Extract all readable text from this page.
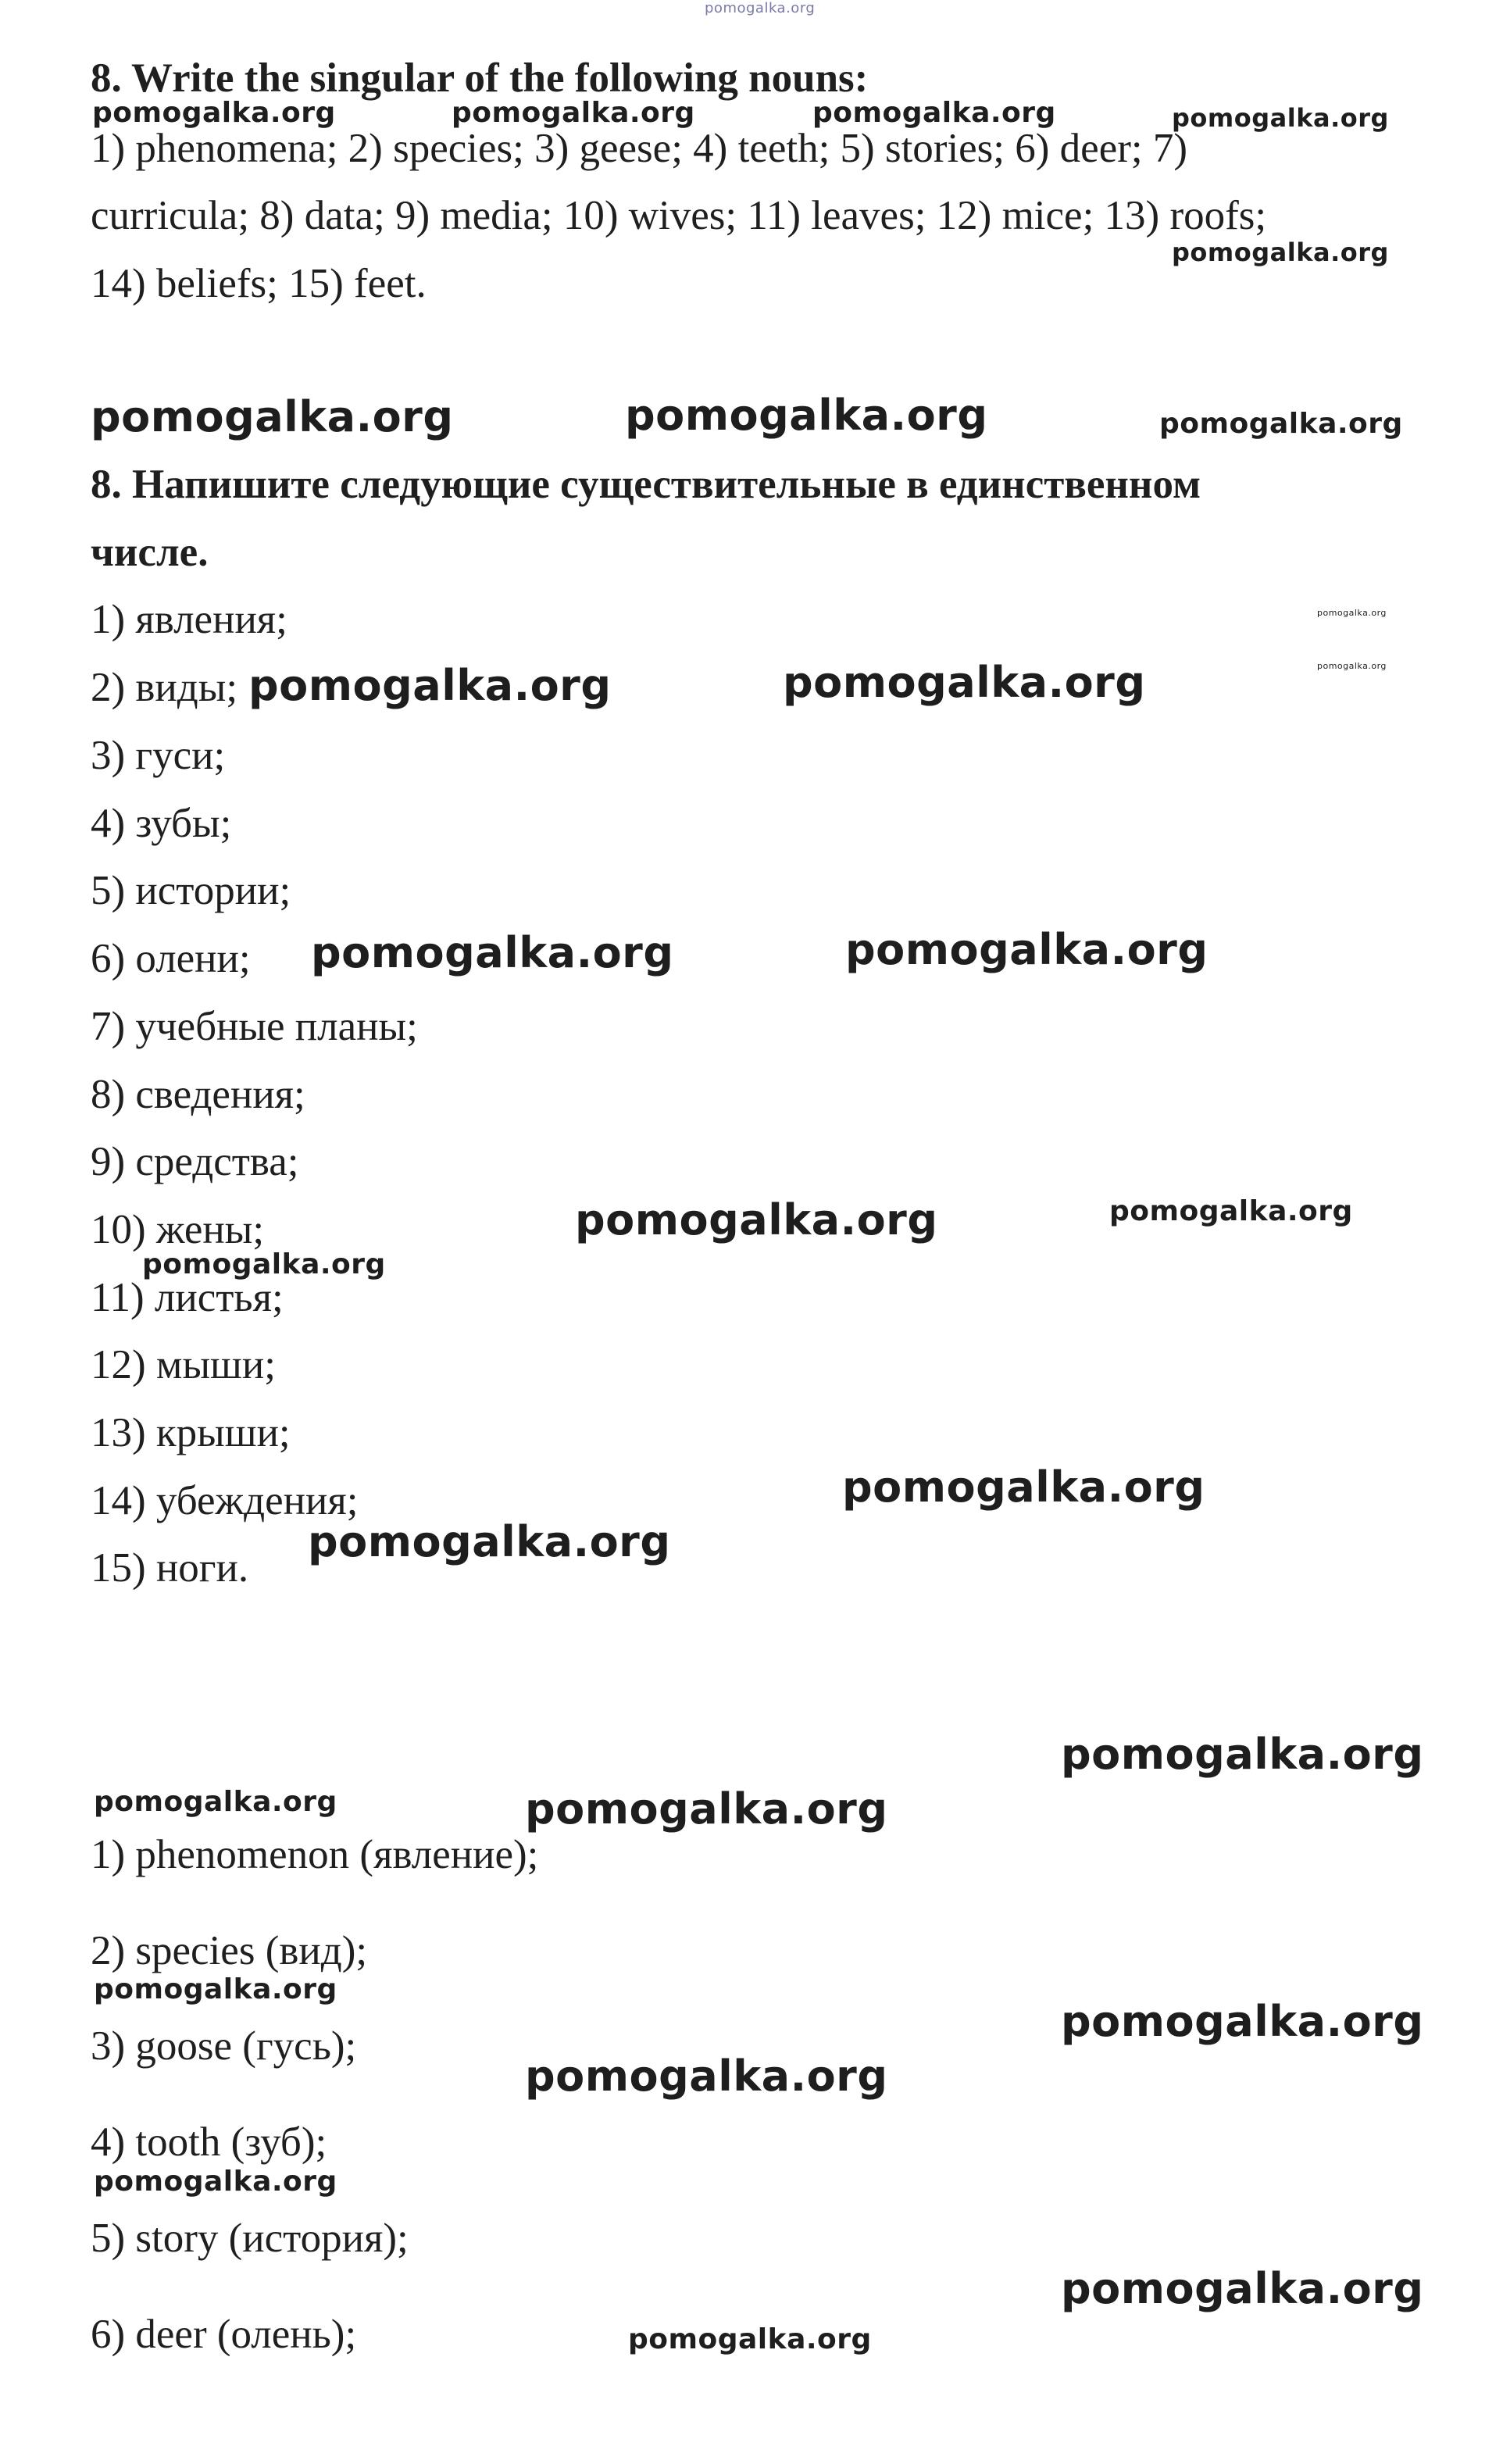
8. Write the singular of the following nouns:

1) phenomena; 2) species; 3) geese; 4) teeth; 5) stories; 6) deer; 7)

curricula; 8) data; 9) media; 10) wives; 11) leaves; 12) mice; 13) roofs;

14) beliefs; 15) feet.

8. Напишите следующие существительные в единственном

числе.

1) явления;

2) виды;

3) гуси;

4) зубы;

5) истории;

6) олени;

7) учебные планы;

8) сведения;

9) средства;

10) жены;

11) листья;

12) мыши;

13) крыши;

14) убеждения;

15) ноги.

1) phenomenon (явление);

2) species (вид);

3) goose (гусь);

4) tooth (зуб);

5) story (история);

6) deer (олень);

pomogalka.org
pomogalka.org	pomogalka.org	pomogalka.org	pomogalka.org
pomogalka.org
pomogalka.org	pomogalka.org	pomogalka.org
pomogalka.org
pomogalka.org
pomogalka.org	pomogalka.org
pomogalka.org	pomogalka.org
pomogalka.org	pomogalka.org
pomogalka.org
pomogalka.org
pomogalka.org
pomogalka.org
pomogalka.org	pomogalka.org
pomogalka.org
pomogalka.org
pomogalka.org
pomogalka.org
pomogalka.org
pomogalka.org
